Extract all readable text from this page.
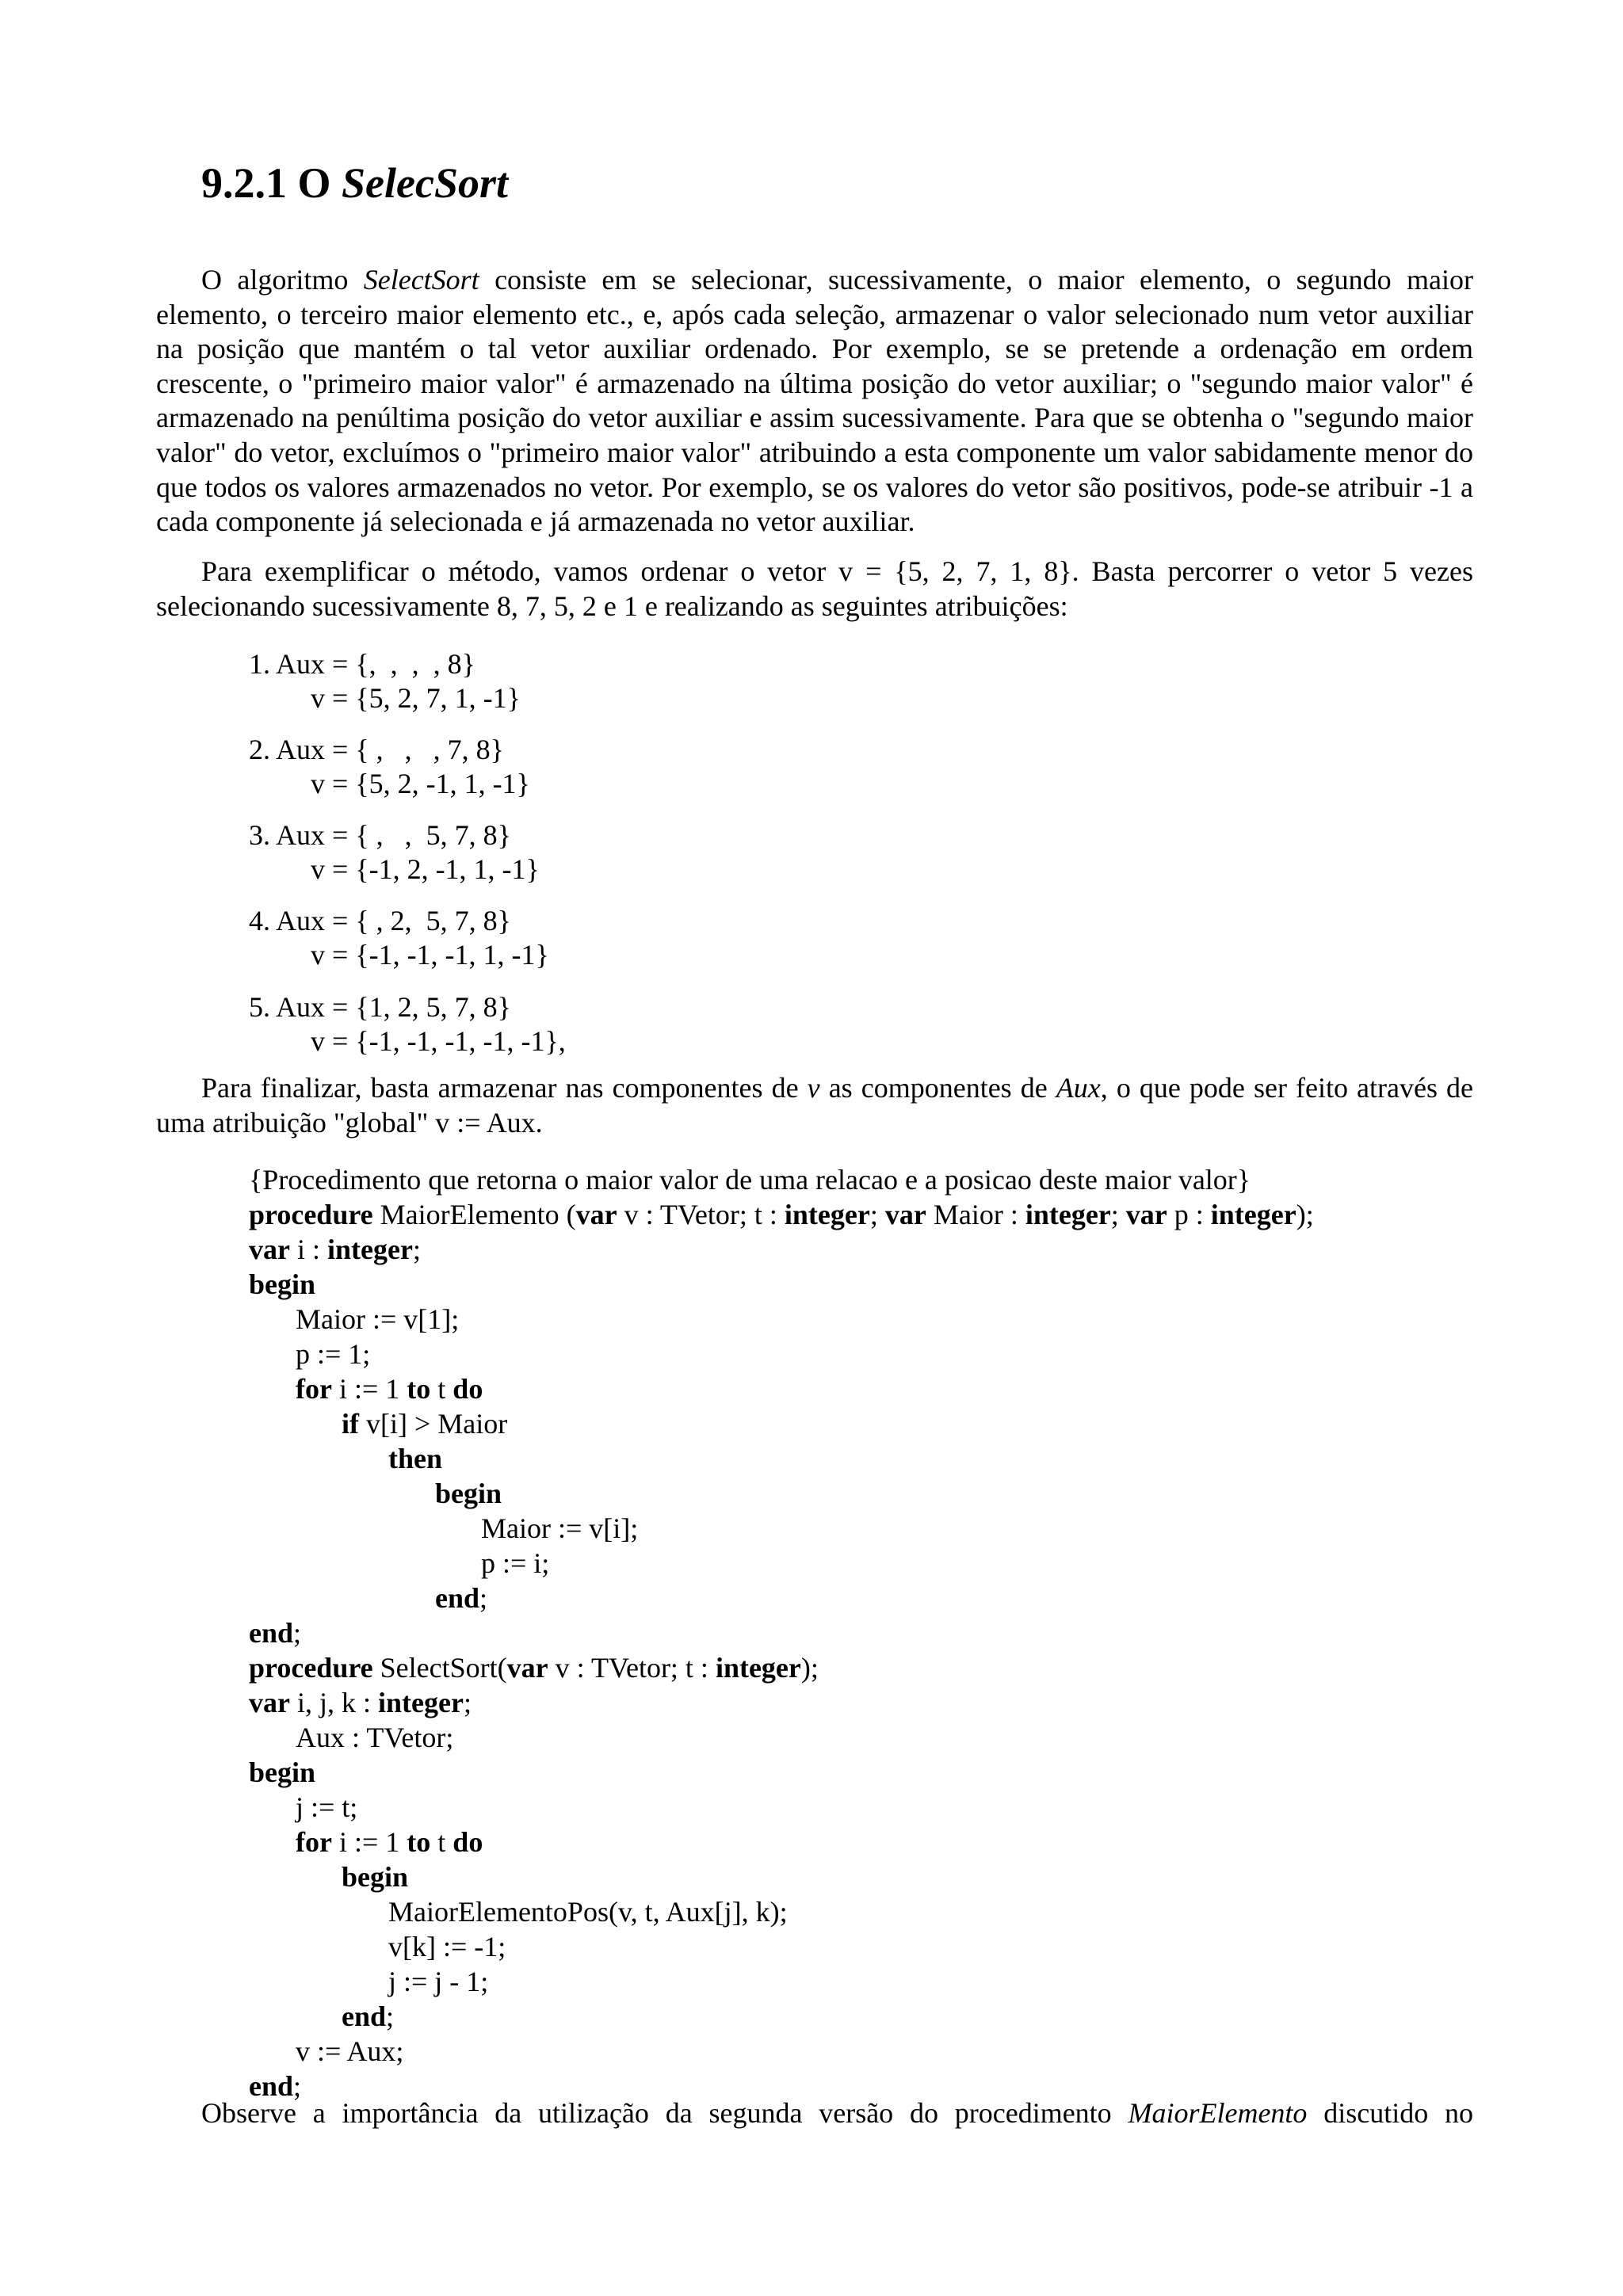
9.2.1 O SelecSort

O algoritmo SelectSort consiste em se selecionar, sucessivamente, o maior elemento, o segundo maior elemento, o terceiro maior elemento etc., e, após cada seleção, armazenar o valor selecionado num vetor auxiliar na posição que mantém o tal vetor auxiliar ordenado. Por exemplo, se se pretende a ordenação em ordem crescente, o "primeiro maior valor" é armazenado na última posição do vetor auxiliar; o "segundo maior valor" é armazenado na penúltima posição do vetor auxiliar e assim sucessivamente. Para que se obtenha o "segundo maior valor" do vetor, excluímos o "primeiro maior valor" atribuindo a esta componente um valor sabidamente menor do que todos os valores armazenados no vetor. Por exemplo, se os valores do vetor são positivos, pode-se atribuir -1 a cada componente já selecionada e já armazenada no vetor auxiliar.

Para exemplificar o método, vamos ordenar o vetor v = {5, 2, 7, 1, 8}. Basta percorrer o vetor 5 vezes selecionando sucessivamente 8, 7, 5, 2 e 1 e realizando as seguintes atribuições:

1. Aux = {,  ,  ,  , 8}
v = {5, 2, 7, 1, -1}
2. Aux = { ,   ,   , 7, 8}
v = {5, 2, -1, 1, -1}
3. Aux = { ,   ,  5, 7, 8}
v = {-1, 2, -1, 1, -1}
4. Aux = { , 2,  5, 7, 8}
v = {-1, -1, -1, 1, -1}
5. Aux = {1, 2, 5, 7, 8}
v = {-1, -1, -1, -1, -1},

Para finalizar, basta armazenar nas componentes de v as componentes de Aux, o que pode ser feito através de uma atribuição "global" v := Aux.

{Procedimento que retorna o maior valor de uma relacao e a posicao deste maior valor}
procedure MaiorElemento (var v : TVetor; t : integer; var Maior : integer; var p : integer);
var i : integer;
begin
Maior := v[1];
p := 1;
for i := 1 to t do
if v[i] > Maior
then
begin
Maior := v[i];
p := i;
end;
end;
procedure SelectSort(var v : TVetor; t : integer);
var i, j, k : integer;
Aux : TVetor;
begin
j := t;
for i := 1 to t do
begin
MaiorElementoPos(v, t, Aux[j], k);
v[k] := -1;
j := j - 1;
end;
v := Aux;
end;

Observe a importância da utilização da segunda versão do procedimento MaiorElemento discutido no
